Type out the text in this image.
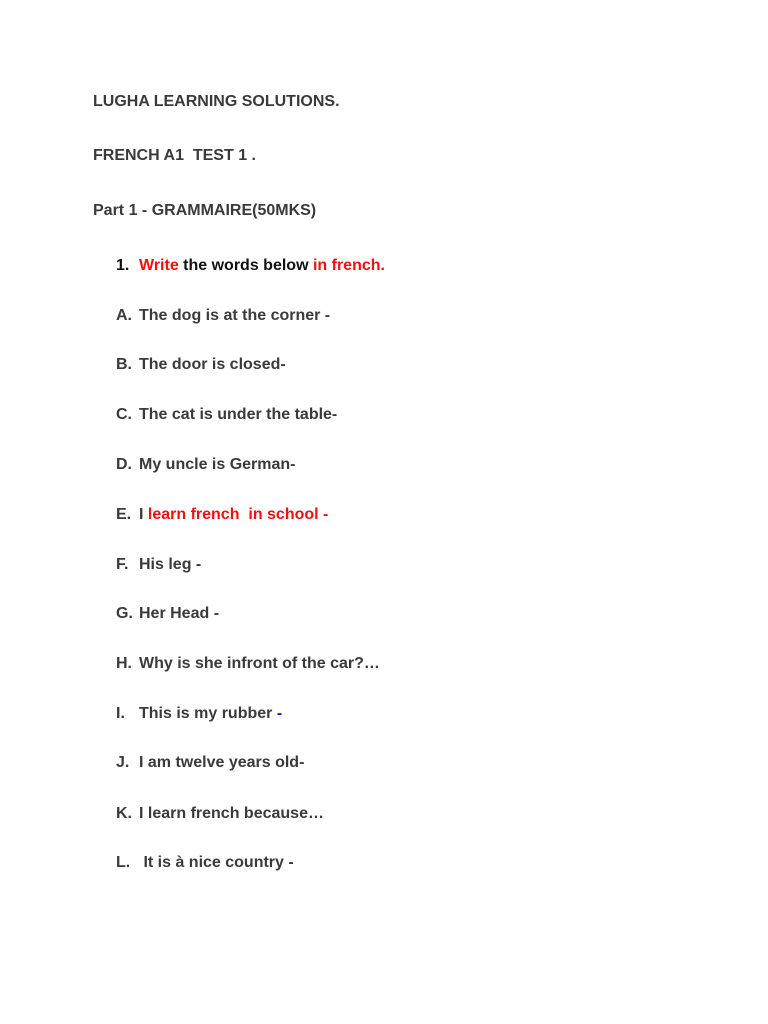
LUGHA LEARNING SOLUTIONS.
FRENCH A1  TEST 1 .
Part 1 - GRAMMAIRE(50MKS)
1. Write the words below in french.
A. The dog is at the corner -
B. The door is closed-
C. The cat is under the table-
D. My uncle is German-
E. I learn french  in school -
F. His leg -
G. Her Head -
H. Why is she infront of the car?…
I. This is my rubber -
J. I am twelve years old-
K. I learn french because…
L. It is à nice country -
